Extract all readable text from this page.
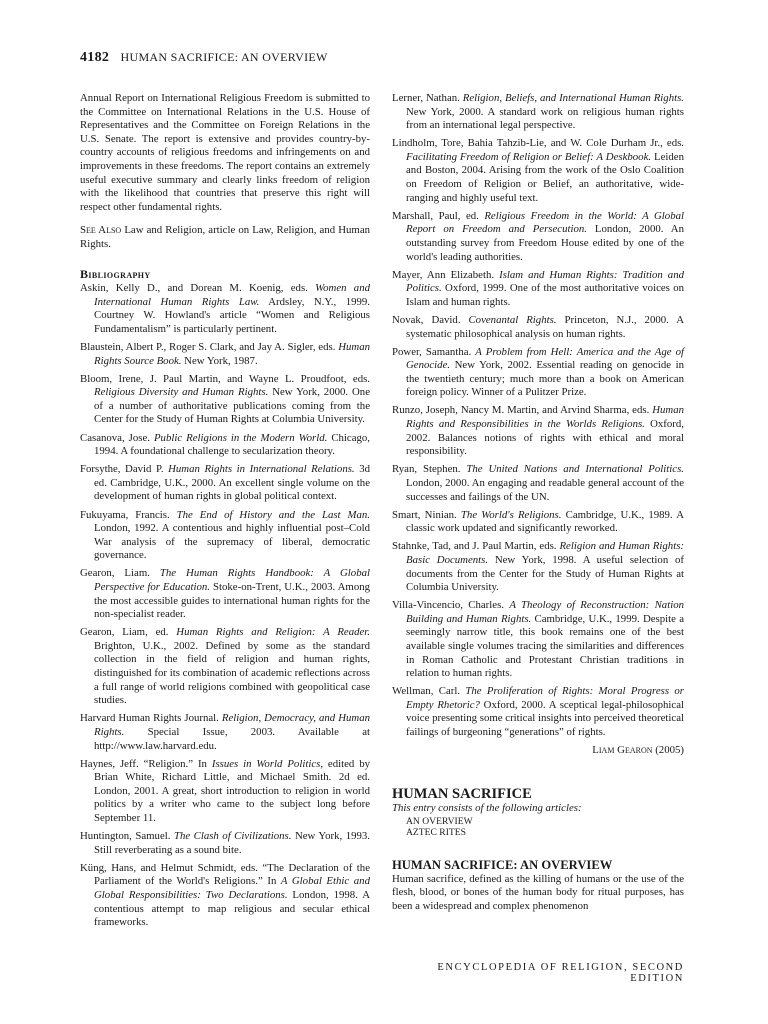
4182 HUMAN SACRIFICE: AN OVERVIEW

Annual Report on International Religious Freedom is submitted to the Committee on International Relations in the U.S. House of Representatives and the Committee on Foreign Relations in the U.S. Senate. The report is extensive and provides country-by-country accounts of religious freedoms and infringements on and improvements in these freedoms. The report contains an extremely useful executive summary and clearly links freedom of religion with the likelihood that countries that preserve this right will respect other fundamental rights.

See Also Law and Religion, article on Law, Religion, and Human Rights.

Bibliography

Askin, Kelly D., and Dorean M. Koenig, eds. Women and International Human Rights Law. Ardsley, N.Y., 1999. Courtney W. Howland's article “Women and Religious Fundamentalism” is particularly pertinent.

Blaustein, Albert P., Roger S. Clark, and Jay A. Sigler, eds. Human Rights Source Book. New York, 1987.

Bloom, Irene, J. Paul Martin, and Wayne L. Proudfoot, eds. Religious Diversity and Human Rights. New York, 2000. One of a number of authoritative publications coming from the Center for the Study of Human Rights at Columbia University.

Casanova, Jose. Public Religions in the Modern World. Chicago, 1994. A foundational challenge to secularization theory.

Forsythe, David P. Human Rights in International Relations. 3d ed. Cambridge, U.K., 2000. An excellent single volume on the development of human rights in global political context.

Fukuyama, Francis. The End of History and the Last Man. London, 1992. A contentious and highly influential post–Cold War analysis of the supremacy of liberal, democratic governance.

Gearon, Liam. The Human Rights Handbook: A Global Perspective for Education. Stoke-on-Trent, U.K., 2003. Among the most accessible guides to international human rights for the non-specialist reader.

Gearon, Liam, ed. Human Rights and Religion: A Reader. Brighton, U.K., 2002. Defined by some as the standard collection in the field of religion and human rights, distinguished for its combination of academic reflections across a full range of world religions combined with geopolitical case studies.

Harvard Human Rights Journal. Religion, Democracy, and Human Rights. Special Issue, 2003. Available at http://www.law.harvard.edu.

Haynes, Jeff. “Religion.” In Issues in World Politics, edited by Brian White, Richard Little, and Michael Smith. 2d ed. London, 2001. A great, short introduction to religion in world politics by a writer who came to the subject long before September 11.

Huntington, Samuel. The Clash of Civilizations. New York, 1993. Still reverberating as a sound bite.

Küng, Hans, and Helmut Schmidt, eds. “The Declaration of the Parliament of the World's Religions.” In A Global Ethic and Global Responsibilities: Two Declarations. London, 1998. A contentious attempt to map religious and secular ethical frameworks.

Lerner, Nathan. Religion, Beliefs, and International Human Rights. New York, 2000. A standard work on religious human rights from an international legal perspective.

Lindholm, Tore, Bahia Tahzib-Lie, and W. Cole Durham Jr., eds. Facilitating Freedom of Religion or Belief: A Deskbook. Leiden and Boston, 2004. Arising from the work of the Oslo Coalition on Freedom of Religion or Belief, an authoritative, wide-ranging and highly useful text.

Marshall, Paul, ed. Religious Freedom in the World: A Global Report on Freedom and Persecution. London, 2000. An outstanding survey from Freedom House edited by one of the world's leading authorities.

Mayer, Ann Elizabeth. Islam and Human Rights: Tradition and Politics. Oxford, 1999. One of the most authoritative voices on Islam and human rights.

Novak, David. Covenantal Rights. Princeton, N.J., 2000. A systematic philosophical analysis on human rights.

Power, Samantha. A Problem from Hell: America and the Age of Genocide. New York, 2002. Essential reading on genocide in the twentieth century; much more than a book on American foreign policy. Winner of a Pulitzer Prize.

Runzo, Joseph, Nancy M. Martin, and Arvind Sharma, eds. Human Rights and Responsibilities in the Worlds Religions. Oxford, 2002. Balances notions of rights with ethical and moral responsibility.

Ryan, Stephen. The United Nations and International Politics. London, 2000. An engaging and readable general account of the successes and failings of the UN.

Smart, Ninian. The World's Religions. Cambridge, U.K., 1989. A classic work updated and significantly reworked.

Stahnke, Tad, and J. Paul Martin, eds. Religion and Human Rights: Basic Documents. New York, 1998. A useful selection of documents from the Center for the Study of Human Rights at Columbia University.

Villa-Vincencio, Charles. A Theology of Reconstruction: Nation Building and Human Rights. Cambridge, U.K., 1999. Despite a seemingly narrow title, this book remains one of the best available single volumes tracing the similarities and differences in Roman Catholic and Protestant Christian traditions in relation to human rights.

Wellman, Carl. The Proliferation of Rights: Moral Progress or Empty Rhetoric? Oxford, 2000. A sceptical legal-philosophical voice presenting some critical insights into perceived theoretical failings of burgeoning “generations” of rights.

Liam Gearon (2005)
HUMAN SACRIFICE
This entry consists of the following articles:
AN OVERVIEW
AZTEC RITES
HUMAN SACRIFICE: AN OVERVIEW

Human sacrifice, defined as the killing of humans or the use of the flesh, blood, or bones of the human body for ritual purposes, has been a widespread and complex phenomenon

ENCYCLOPEDIA OF RELIGION, SECOND EDITION
